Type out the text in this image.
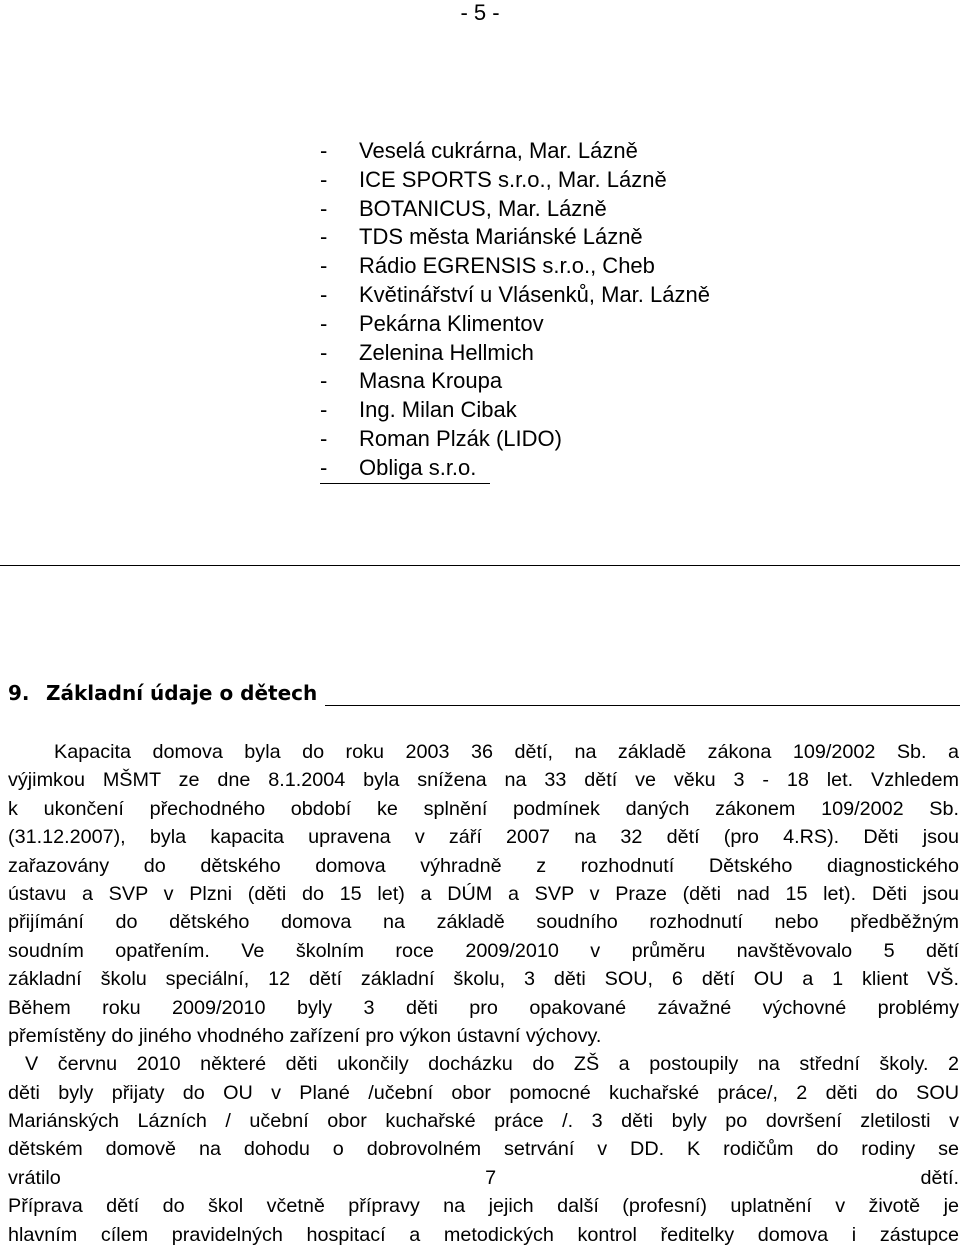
- 5 -
- Veselá cukrárna, Mar. Lázně
- ICE SPORTS s.r.o., Mar. Lázně
- BOTANICUS, Mar. Lázně
- TDS města Mariánské Lázně
- Rádio EGRENSIS s.r.o., Cheb
- Květinářství u Vlásenků, Mar. Lázně
- Pekárna Klimentov
- Zelenina Hellmich
- Masna Kroupa
- Ing. Milan Cibak
- Roman Plzák (LIDO)
- Obliga s.r.o.
9. Základní údaje o dětech
Kapacita domova byla do roku 2003 36 dětí, na základě zákona 109/2002 Sb. a
výjimkou MŠMT ze dne 8.1.2004 byla snížena na 33 dětí ve věku 3 - 18 let. Vzhledem
k ukončení přechodného období ke splnění podmínek daných zákonem 109/2002 Sb.
(31.12.2007), byla kapacita upravena v září 2007 na 32 dětí (pro 4.RS). Děti jsou
zařazovány do dětského domova výhradně z rozhodnutí Dětského diagnostického
ústavu a SVP v Plzni (děti do 15 let) a DÚM a SVP v Praze (děti nad 15 let). Děti jsou
přijímání do dětského domova na základě soudního rozhodnutí nebo předběžným
soudním opatřením. Ve školním roce 2009/2010 v průměru navštěvovalo 5 dětí
základní školu speciální, 12 dětí základní školu, 3 děti SOU, 6 dětí OU a 1 klient VŠ.
Během roku 2009/2010 byly 3 děti pro opakované závažné výchovné problémy
přemístěny do jiného vhodného zařízení pro výkon ústavní výchovy.
V červnu 2010 některé děti ukončily docházku do ZŠ a postoupily na střední školy. 2
děti byly přijaty do OU v Plané /učební obor pomocné kuchařské práce/, 2 děti do SOU
Mariánských Lázních / učební obor kuchařské práce /. 3 děti byly po dovršení zletilosti v
dětském domově na dohodu o dobrovolném setrvání v DD. K rodičům do rodiny se
vrátilo 7 dětí.
Příprava dětí do škol včetně přípravy na jejich další (profesní) uplatnění v životě je
hlavním cílem pravidelných hospitací a metodických kontrol ředitelky domova i zástupce
